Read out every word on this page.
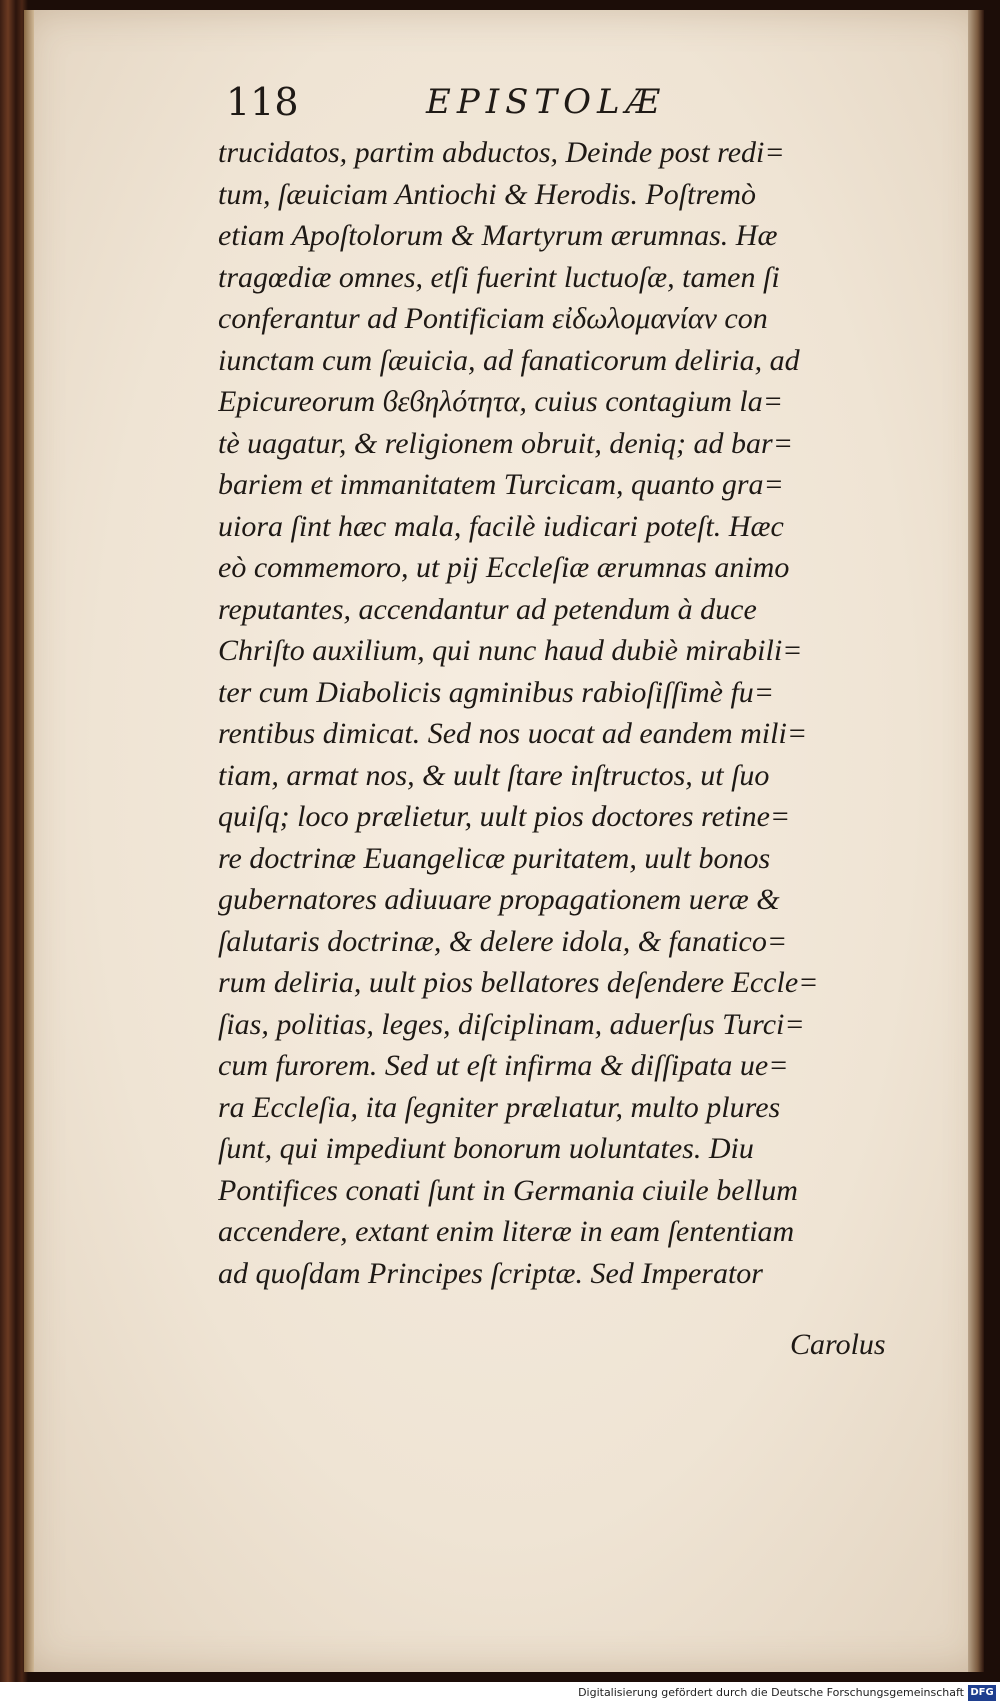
118	EPISTOLÆ
trucidatos, partim abductos, Deinde post redi=
tum, ſæuiciam Antiochi & Herodis. Poſtremò
etiam Apoſtolorum & Martyrum ærumnas. Hæ
tragœdiæ omnes, etſi fuerint luctuoſæ, tamen ſi
conferantur ad Pontificiam εἰδωλομανίαν con
iunctam cum ſæuicia, ad fanaticorum deliria, ad
Epicureorum ϐεϐηλότητα, cuius contagium la=
tè uagatur, & religionem obruit, deniq; ad bar=
bariem et immanitatem Turcicam, quanto gra=
uiora ſint hæc mala, facilè iudicari poteſt. Hæc
eò commemoro, ut pij Eccleſiæ ærumnas animo
reputantes, accendantur ad petendum à duce
Chriſto auxilium, qui nunc haud dubiè mirabili=
ter cum Diabolicis agminibus rabioſiſſimè fu=
rentibus dimicat. Sed nos uocat ad eandem mili=
tiam, armat nos, & uult ſtare inſtructos, ut ſuo
quiſq; loco prælietur, uult pios doctores retine=
re doctrinæ Euangelicæ puritatem, uult bonos
gubernatores adiuuare propagationem ueræ &
ſalutaris doctrinæ, & delere idola, & fanatico=
rum deliria, uult pios bellatores deſendere Eccle=
ſias, politias, leges, diſciplinam, aduerſus Turci=
cum furorem. Sed ut eſt infirma & diſſipata ue=
ra Eccleſia, ita ſegniter prælıatur, multo plures
ſunt, qui impediunt bonorum uoluntates. Diu
Pontifices conati ſunt in Germania ciuile bellum
accendere, extant enim literæ in eam ſententiam
ad quoſdam Principes ſcriptæ. Sed Imperator
Carolus
Digitalisierung gefördert durch die Deutsche Forschungsgemeinschaft DFG
